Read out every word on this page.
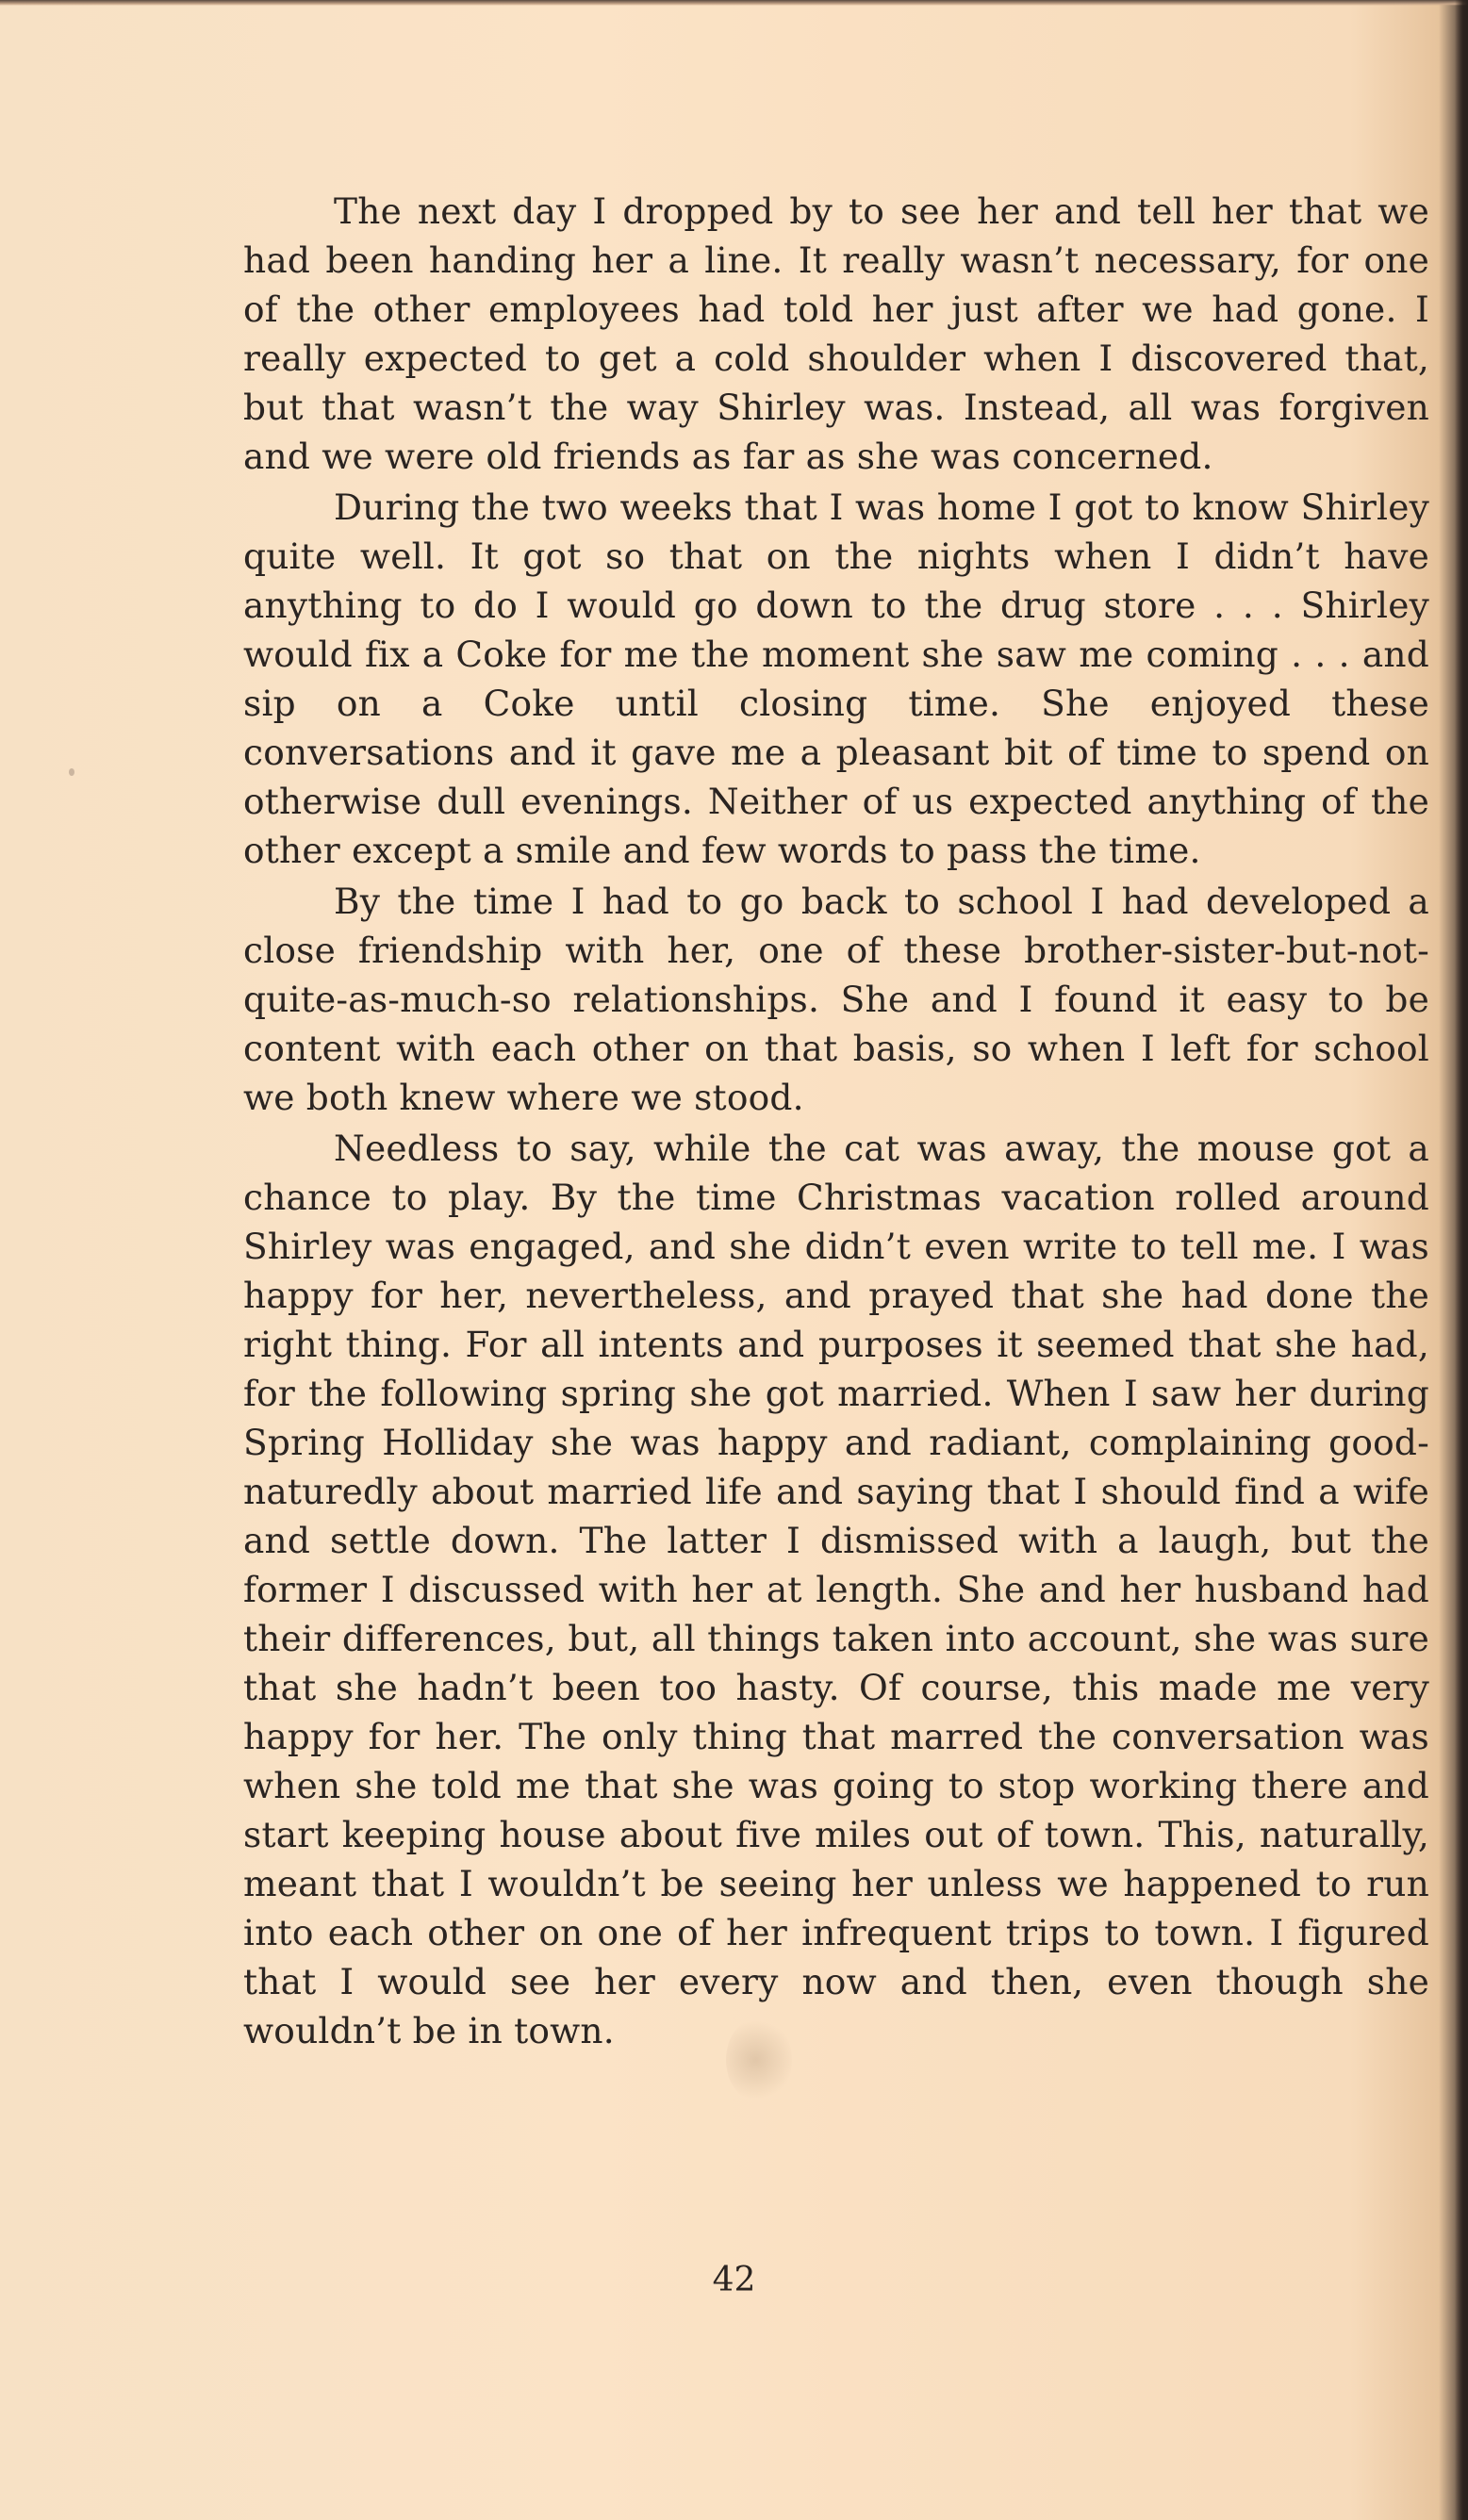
The next day I dropped by to see her and tell her that we had been handing her a line. It really wasn’t necessary, for one of the other employees had told her just after we had gone. I really expected to get a cold shoulder when I discovered that, but that wasn’t the way Shirley was. Instead, all was forgiven and we were old friends as far as she was concerned.

During the two weeks that I was home I got to know Shirley quite well. It got so that on the nights when I didn’t have anything to do I would go down to the drug store . . . Shirley would fix a Coke for me the moment she saw me coming . . . and sip on a Coke until closing time. She enjoyed these conversations and it gave me a pleasant bit of time to spend on otherwise dull evenings. Neither of us expected anything of the other except a smile and few words to pass the time.

By the time I had to go back to school I had developed a close friendship with her, one of these brother-sister-but-not-quite-as-much-so relationships. She and I found it easy to be content with each other on that basis, so when I left for school we both knew where we stood.

Needless to say, while the cat was away, the mouse got a chance to play. By the time Christmas vacation rolled around Shirley was engaged, and she didn’t even write to tell me. I was happy for her, nevertheless, and prayed that she had done the right thing. For all intents and purposes it seemed that she had, for the following spring she got married. When I saw her during Spring Holliday she was happy and radiant, complaining good-naturedly about married life and saying that I should find a wife and settle down. The latter I dismissed with a laugh, but the former I discussed with her at length. She and her husband had their differences, but, all things taken into account, she was sure that she hadn’t been too hasty. Of course, this made me very happy for her. The only thing that marred the conversation was when she told me that she was going to stop working there and start keeping house about five miles out of town. This, naturally, meant that I wouldn’t be seeing her unless we happened to run into each other on one of her infrequent trips to town. I figured that I would see her every now and then, even though she wouldn’t be in town.

42
